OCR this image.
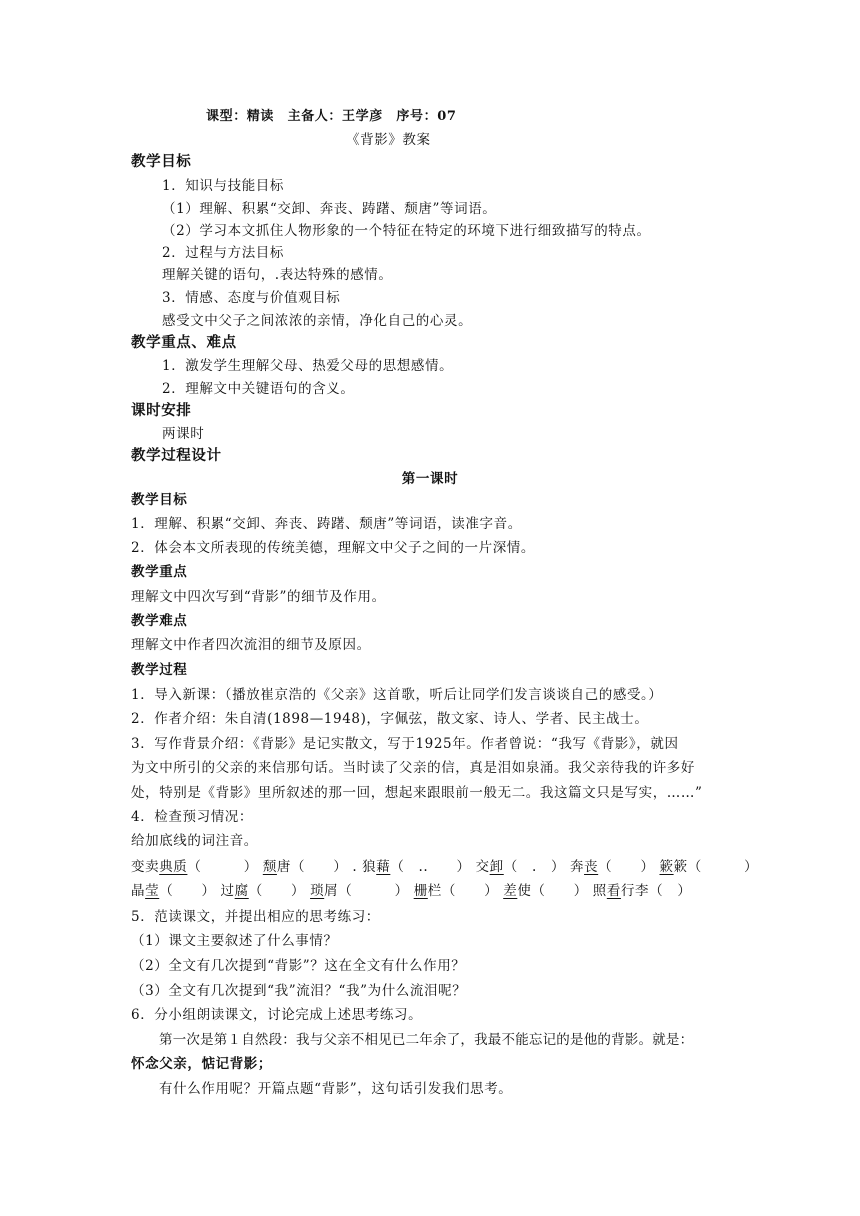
课型：精读　主备人：王学彦　序号：07
《背影》教案
教学目标
1．知识与技能目标
（1）理解、积累“交卸、奔丧、踌躇、颓唐”等词语。
（2）学习本文抓住人物形象的一个特征在特定的环境下进行细致描写的特点。
2．过程与方法目标
理解关键的语句，.表达特殊的感情。
3．情感、态度与价值观目标
感受文中父子之间浓浓的亲情，净化自己的心灵。
教学重点、难点
1．激发学生理解父母、热爱父母的思想感情。
2．理解文中关键语句的含义。
课时安排
两课时
教学过程设计
第一课时
教学目标
1．理解、积累“交卸、奔丧、踌躇、颓唐”等词语，读准字音。
2．体会本文所表现的传统美德，理解文中父子之间的一片深情。
教学重点
理解文中四次写到“背影”的细节及作用。
教学难点
理解文中作者四次流泪的细节及原因。
教学过程
1．导入新课：（播放崔京浩的《父亲》这首歌，听后让同学们发言谈谈自己的感受。）
2．作者介绍：朱自清(1898—1948)，字佩弦，散文家、诗人、学者、民主战士。
3．写作背景介绍：《背影》是记实散文，写于1925年。作者曾说：“我写《背影》，就因
为文中所引的父亲的来信那句话。当时读了父亲的信，真是泪如泉涌。我父亲待我的许多好
处，特别是《背影》里所叙述的那一回，想起来跟眼前一般无二。我这篇文只是写实，……”
4．检查预习情况：
给加底线的词注音。
变卖典质（　　　） 颓唐（　　） . 狼藉（　..　　） 交卸（　.　） 奔丧（　　） 簌簌（　　　）
晶莹（　　） 过腐（　　） 琐屑（　　　） 栅栏（　　） 差使（　　） 照看行李（　）
5．范读课文，并提出相应的思考练习：
（1）课文主要叙述了什么事情？
（2）全文有几次提到“背影”？这在全文有什么作用？
（3）全文有几次提到“我”流泪？“我”为什么流泪呢？
6．分小组朗读课文，讨论完成上述思考练习。
第一次是第１自然段：我与父亲不相见已二年余了，我最不能忘记的是他的背影。就是：
怀念父亲，惦记背影；
有什么作用呢？开篇点题“背影”，这句话引发我们思考。
